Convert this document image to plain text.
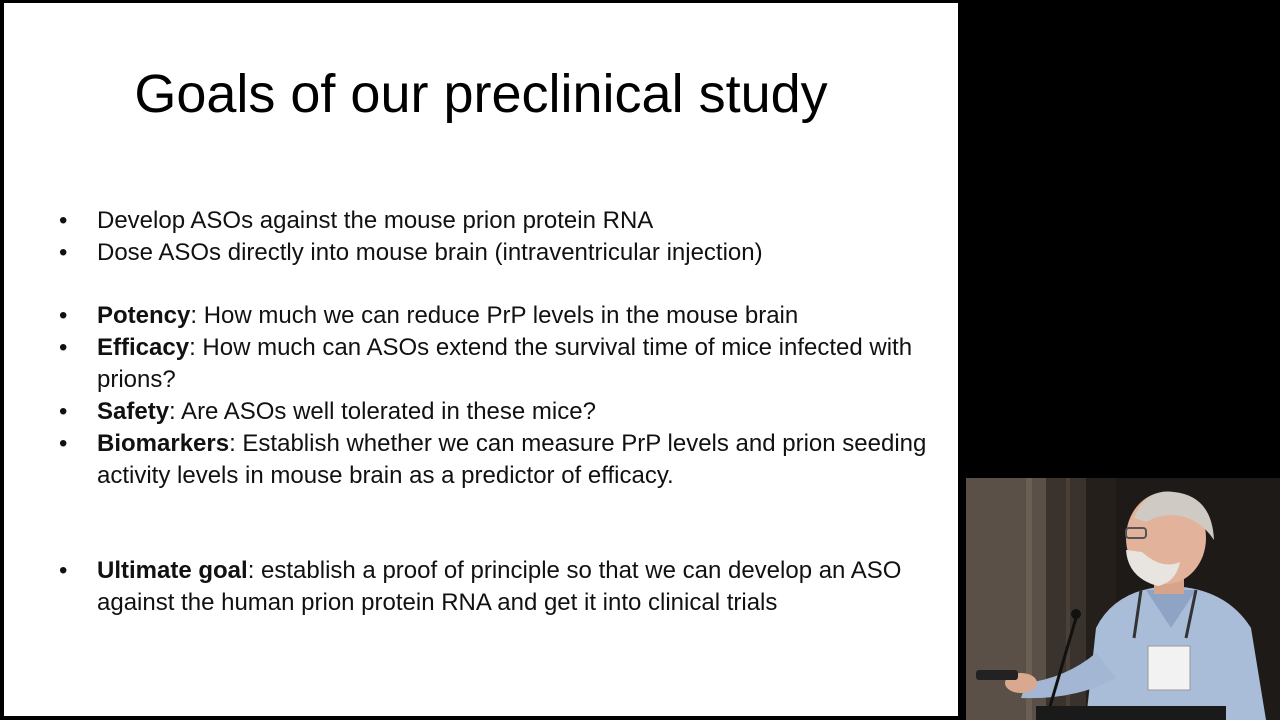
Goals of our preclinical study
•	Develop ASOs against the mouse prion protein RNA
•	Dose ASOs directly into mouse brain (intraventricular injection)
•	Potency: How much we can reduce PrP levels in the mouse brain
•	Efficacy: How much can ASOs extend the survival time of mice infected with prions?
•	Safety: Are ASOs well tolerated in these mice?
•	Biomarkers: Establish whether we can measure PrP levels and prion seeding activity levels in mouse brain as a predictor of efficacy.
•	Ultimate goal: establish a proof of principle so that we can develop an ASO against the human prion protein RNA and get it into clinical trials
